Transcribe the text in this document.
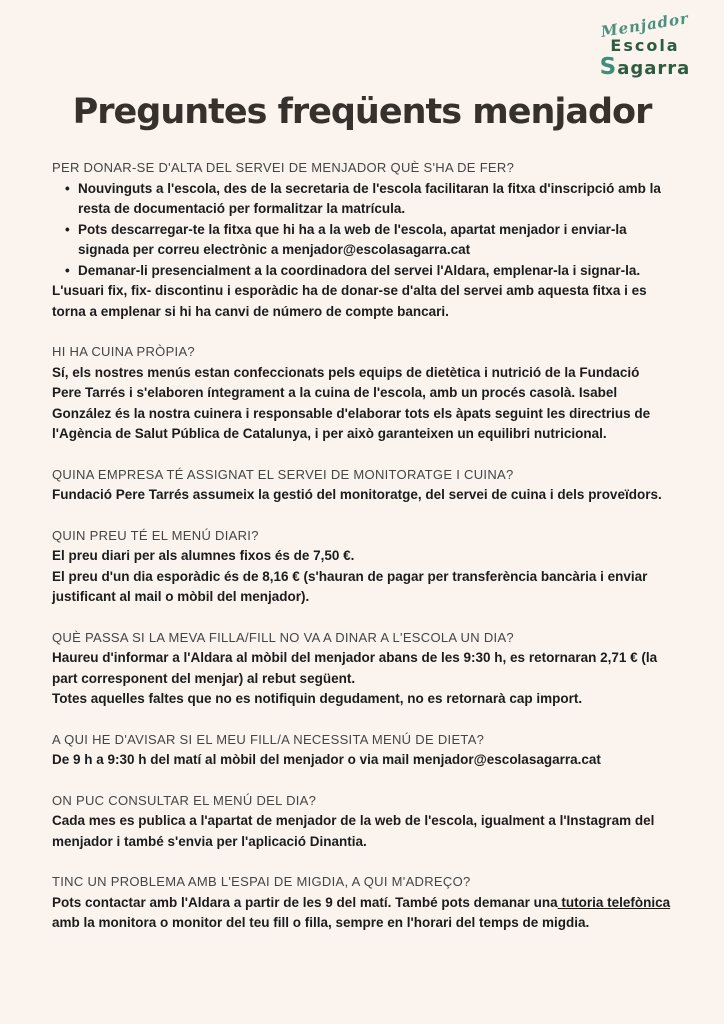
Menjador
Escola
Sagarra
Preguntes freqüents menjador
PER DONAR-SE D'ALTA DEL SERVEI DE MENJADOR QUÈ S'HA DE FER?
• Nouvinguts a l'escola, des de la secretaria de l'escola facilitaran la fitxa d'inscripció amb la resta de documentació per formalitzar la matrícula.
• Pots descarregar-te la fitxa que hi ha a la web de l'escola, apartat menjador i enviar-la signada per correu electrònic a menjador@escolasagarra.cat
• Demanar-li presencialment a la coordinadora del servei l'Aldara, emplenar-la i signar-la.

L'usuari fix, fix- discontinu i esporàdic ha de donar-se d'alta del servei amb aquesta fitxa i es torna a emplenar si hi ha canvi de número de compte bancari.

HI HA CUINA PRÒPIA?

Sí, els nostres menús estan confeccionats pels equips de dietètica i nutrició de la Fundació Pere Tarrés i s'elaboren íntegrament a la cuina de l'escola, amb un procés casolà. Isabel González és la nostra cuinera i responsable d'elaborar tots els àpats seguint les directrius de l'Agència de Salut Pública de Catalunya, i per això garanteixen un equilibri nutricional.

QUINA EMPRESA TÉ ASSIGNAT EL SERVEI DE MONITORATGE I CUINA?

Fundació Pere Tarrés assumeix la gestió del monitoratge, del servei de cuina i dels proveïdors.

QUIN PREU TÉ EL MENÚ DIARI?

El preu diari per als alumnes fixos és de 7,50 €.

El preu d'un dia esporàdic és de 8,16 € (s'hauran de pagar per transferència bancària i enviar justificant al mail o mòbil del menjador).

QUÈ PASSA SI LA MEVA FILLA/FILL NO VA A DINAR A L'ESCOLA UN DIA?

Haureu d'informar a l'Aldara al mòbil del menjador abans de les 9:30 h, es retornaran 2,71 € (la part corresponent del menjar) al rebut següent.

Totes aquelles faltes que no es notifiquin degudament, no es retornarà cap import.

A QUI HE D'AVISAR SI EL MEU FILL/A NECESSITA MENÚ DE DIETA?

De 9 h a 9:30 h del matí al mòbil del menjador o via mail menjador@escolasagarra.cat

ON PUC CONSULTAR EL MENÚ DEL DIA?

Cada mes es publica a l'apartat de menjador de la web de l'escola, igualment a l'Instagram del menjador i també s'envia per l'aplicació Dinantia.

TINC UN PROBLEMA AMB L'ESPAI DE MIGDIA, A QUI M'ADREÇO?

Pots contactar amb l'Aldara a partir de les 9 del matí. També pots demanar una tutoria telefònica amb la monitora o monitor del teu fill o filla, sempre en l'horari del temps de migdia.
